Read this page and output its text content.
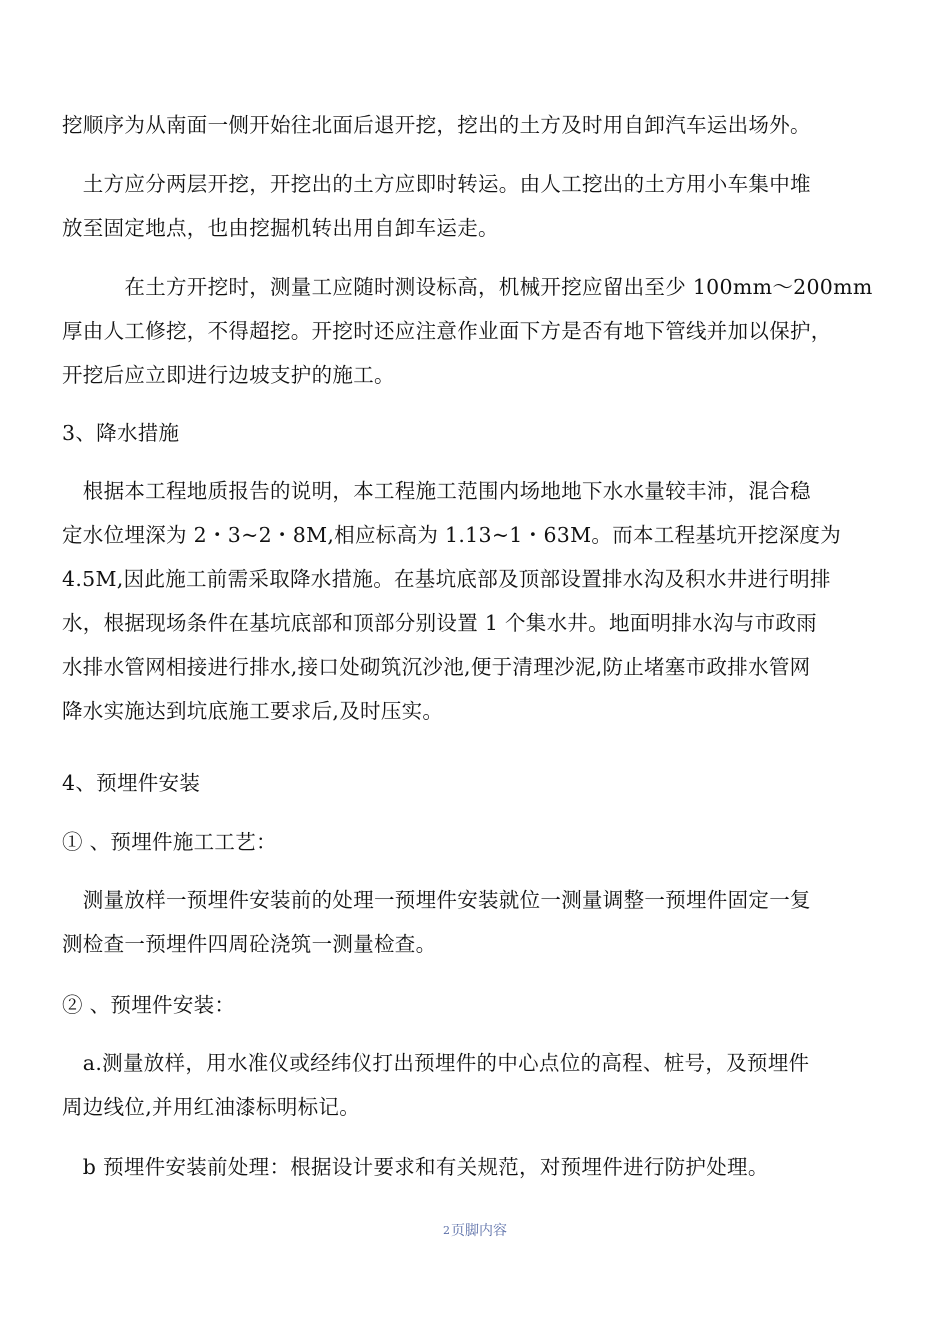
挖顺序为从南面一侧开始往北面后退开挖，挖出的土方及时用自卸汽车运出场外。

　土方应分两层开挖，开挖出的土方应即时转运。由人工挖出的土方用小车集中堆
放至固定地点，也由挖掘机转出用自卸车运走。

　　　在土方开挖时，测量工应随时测设标高，机械开挖应留出至少 100mm～200mm
厚由人工修挖，不得超挖。开挖时还应注意作业面下方是否有地下管线并加以保护，
开挖后应立即进行边坡支护的施工。

3、降水措施

　根据本工程地质报告的说明，本工程施工范围内场地地下水水量较丰沛，混合稳
定水位埋深为 2・3~2・8M,相应标高为 1.13~1・63M。而本工程基坑开挖深度为
4.5M,因此施工前需采取降水措施。在基坑底部及顶部设置排水沟及积水井进行明排
水，根据现场条件在基坑底部和顶部分别设置 1 个集水井。地面明排水沟与市政雨
水排水管网相接进行排水,接口处砌筑沉沙池,便于清理沙泥,防止堵塞市政排水管网
降水实施达到坑底施工要求后,及时压实。

4、预埋件安装

① 、预埋件施工工艺：

　测量放样一预埋件安装前的处理一预埋件安装就位一测量调整一预埋件固定一复
测检查一预埋件四周砼浇筑一测量检查。

② 、预埋件安装：

　a.测量放样，用水准仪或经纬仪打出预埋件的中心点位的高程、桩号，及预埋件
周边线位,并用红油漆标明标记。

　b 预埋件安装前处理：根据设计要求和有关规范，对预埋件进行防护处理。

2页脚内容
